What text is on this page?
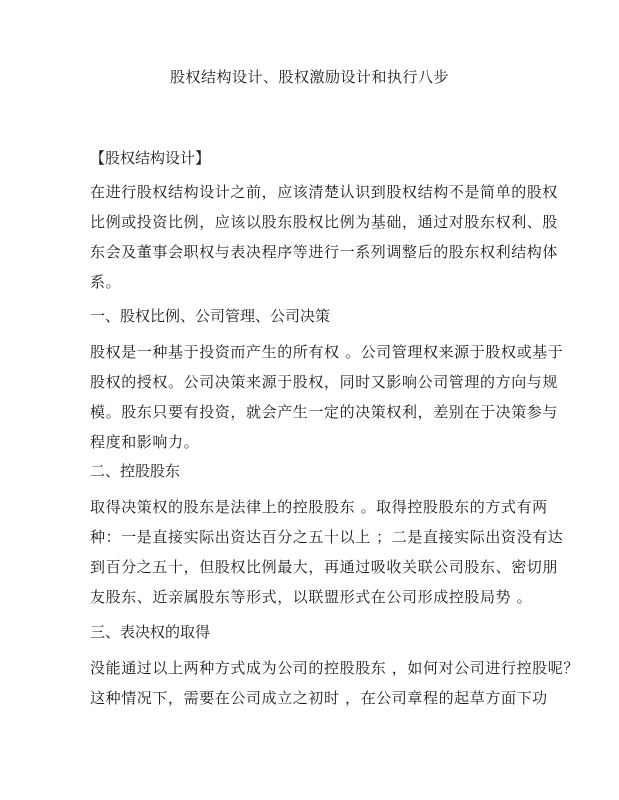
股权结构设计、股权激励设计和执行八步
【股权结构设计】

在进行股权结构设计之前，应该清楚认识到股权结构不是简单的股权
比例或投资比例，应该以股东股权比例为基础，通过对股东权利、股
东会及董事会职权与表决程序等进行一系列调整后的股东权利结构体
系。

一、股权比例、公司管理、公司决策

股权是一种基于投资而产生的所有权 。公司管理权来源于股权或基于
股权的授权。公司决策来源于股权，同时又影响公司管理的方向与规
模。股东只要有投资，就会产生一定的决策权利，差别在于决策参与
程度和影响力。

二、控股股东

取得决策权的股东是法律上的控股股东 。取得控股股东的方式有两
种：一是直接实际出资达百分之五十以上 ；二是直接实际出资没有达
到百分之五十，但股权比例最大，再通过吸收关联公司股东、密切朋
友股东、近亲属股东等形式，以联盟形式在公司形成控股局势 。

三、表决权的取得

没能通过以上两种方式成为公司的控股股东 ，如何对公司进行控股呢？
这种情况下，需要在公司成立之初时 ，在公司章程的起草方面下功
